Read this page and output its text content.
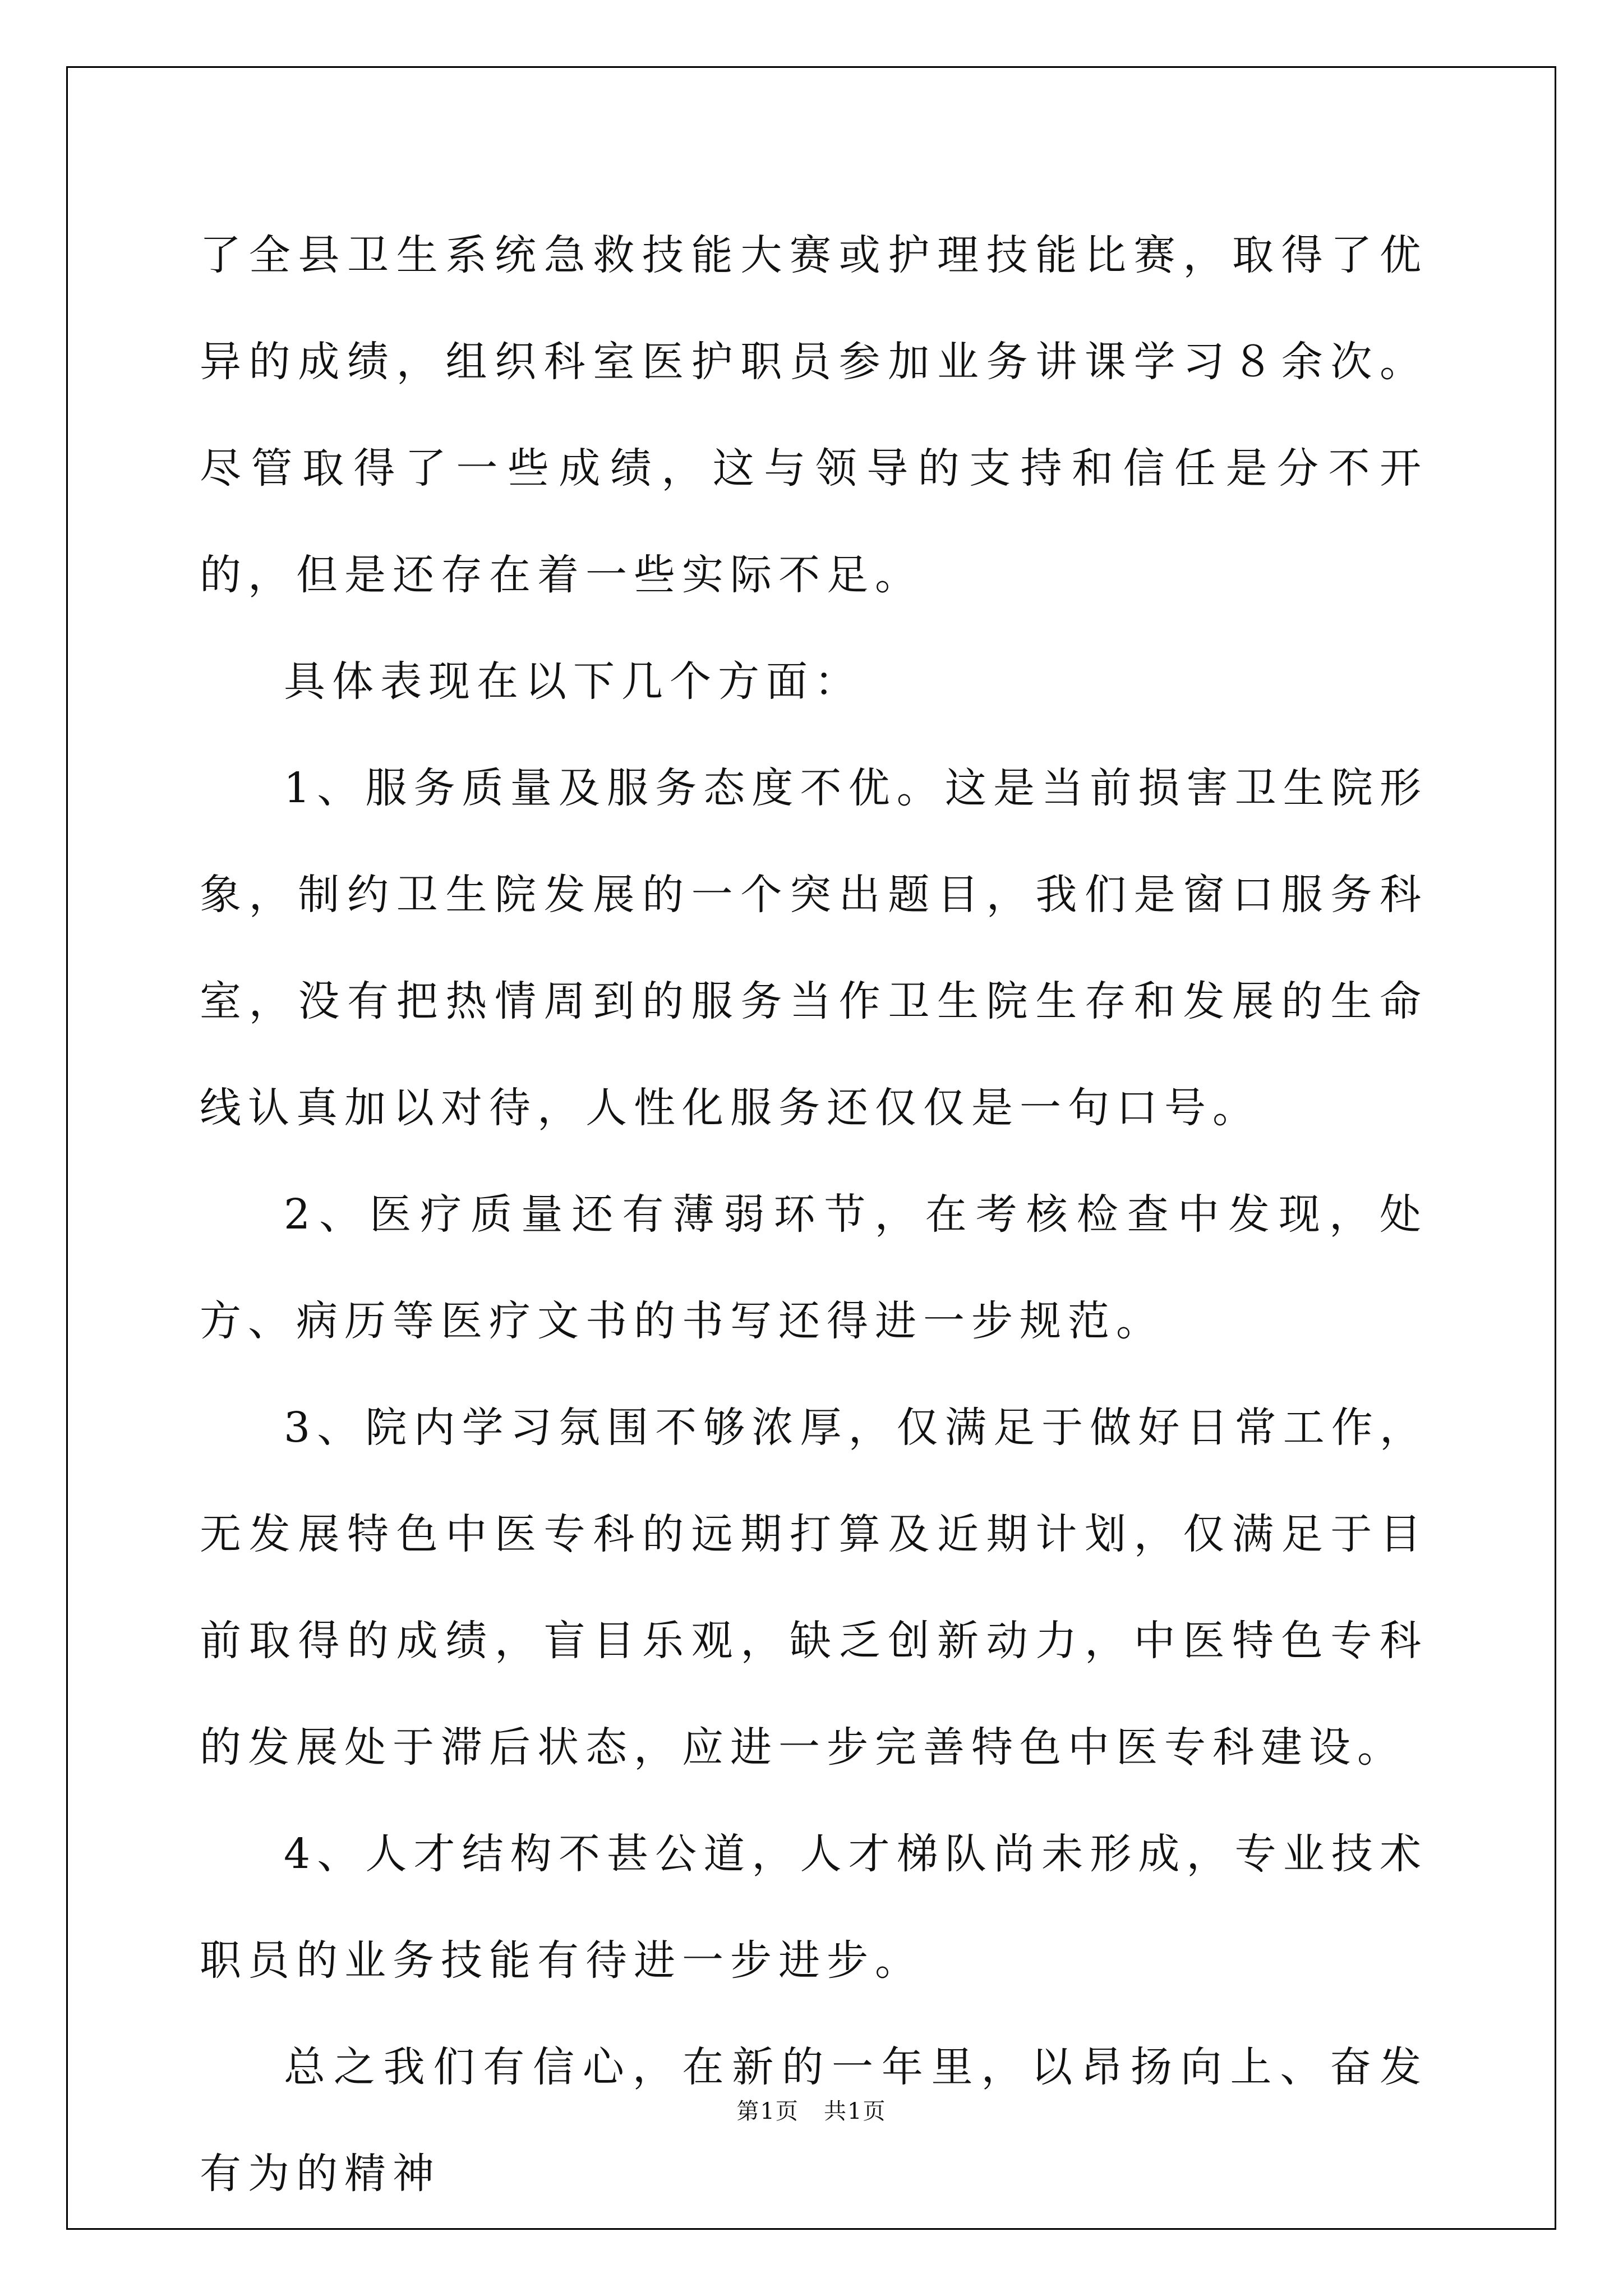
了全县卫生系统急救技能大赛或护理技能比赛，取得了优异的成绩，组织科室医护职员参加业务讲课学习８余次。尽管取得了一些成绩，这与领导的支持和信任是分不开的，但是还存在着一些实际不足。

具体表现在以下几个方面：

1、服务质量及服务态度不优。这是当前损害卫生院形象，制约卫生院发展的一个突出题目，我们是窗口服务科室，没有把热情周到的服务当作卫生院生存和发展的生命线认真加以对待，人性化服务还仅仅是一句口号。

2、医疗质量还有薄弱环节，在考核检查中发现，处方、病历等医疗文书的书写还得进一步规范。

3、院内学习氛围不够浓厚，仅满足于做好日常工作，无发展特色中医专科的远期打算及近期计划，仅满足于目前取得的成绩，盲目乐观，缺乏创新动力，中医特色专科的发展处于滞后状态，应进一步完善特色中医专科建设。

4、人才结构不甚公道，人才梯队尚未形成，专业技术职员的业务技能有待进一步进步。

总之我们有信心，在新的一年里，以昂扬向上、奋发有为的精神

第1页   共1页
